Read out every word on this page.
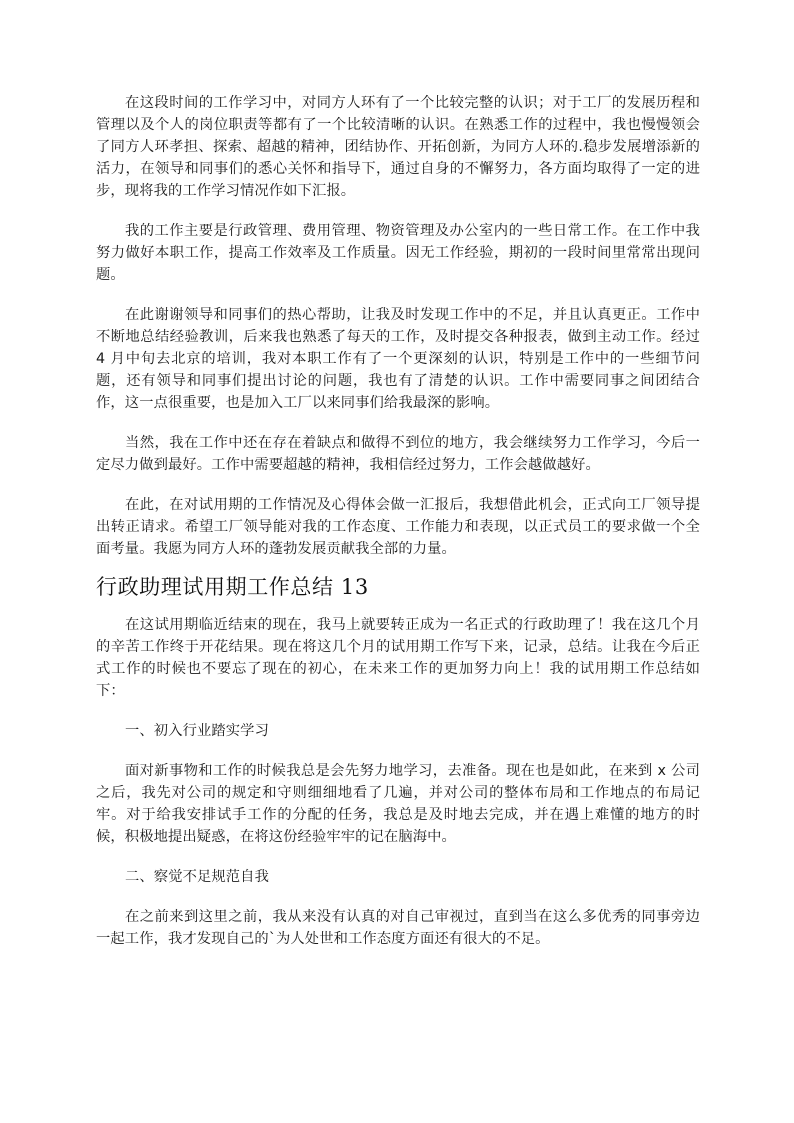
在这段时间的工作学习中，对同方人环有了一个比较完整的认识；对于工厂的发展历程和管理以及个人的岗位职责等都有了一个比较清晰的认识。在熟悉工作的过程中，我也慢慢领会了同方人环孝担、探索、超越的精神，团结协作、开拓创新，为同方人环的.稳步发展增添新的活力，在领导和同事们的悉心关怀和指导下，通过自身的不懈努力，各方面均取得了一定的进步，现将我的工作学习情况作如下汇报。

我的工作主要是行政管理、费用管理、物资管理及办公室内的一些日常工作。在工作中我努力做好本职工作，提高工作效率及工作质量。因无工作经验，期初的一段时间里常常出现问题。

在此谢谢领导和同事们的热心帮助，让我及时发现工作中的不足，并且认真更正。工作中不断地总结经验教训，后来我也熟悉了每天的工作，及时提交各种报表，做到主动工作。经过 4 月中旬去北京的培训，我对本职工作有了一个更深刻的认识，特别是工作中的一些细节问题，还有领导和同事们提出讨论的问题，我也有了清楚的认识。工作中需要同事之间团结合作，这一点很重要，也是加入工厂以来同事们给我最深的影响。

当然，我在工作中还在存在着缺点和做得不到位的地方，我会继续努力工作学习，今后一定尽力做到最好。工作中需要超越的精神，我相信经过努力，工作会越做越好。

在此，在对试用期的工作情况及心得体会做一汇报后，我想借此机会，正式向工厂领导提出转正请求。希望工厂领导能对我的工作态度、工作能力和表现，以正式员工的要求做一个全面考量。我愿为同方人环的蓬勃发展贡献我全部的力量。

行政助理试用期工作总结 13

在这试用期临近结束的现在，我马上就要转正成为一名正式的行政助理了！我在这几个月的辛苦工作终于开花结果。现在将这几个月的试用期工作写下来，记录，总结。让我在今后正式工作的时候也不要忘了现在的初心，在未来工作的更加努力向上！我的试用期工作总结如下：

一、初入行业踏实学习

面对新事物和工作的时候我总是会先努力地学习，去准备。现在也是如此，在来到 x 公司之后，我先对公司的规定和守则细细地看了几遍，并对公司的整体布局和工作地点的布局记牢。对于给我安排试手工作的分配的任务，我总是及时地去完成，并在遇上难懂的地方的时候，积极地提出疑惑，在将这份经验牢牢的记在脑海中。

二、察觉不足规范自我

在之前来到这里之前，我从来没有认真的对自己审视过，直到当在这么多优秀的同事旁边一起工作，我才发现自己的`为人处世和工作态度方面还有很大的不足。
